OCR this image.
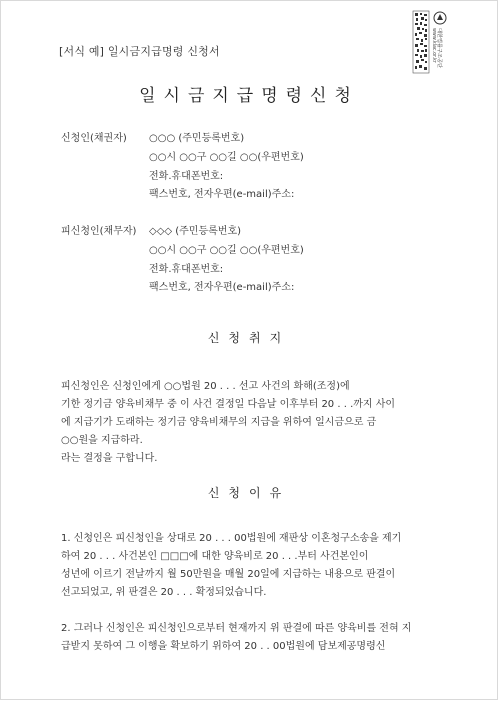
[서식 예] 일시금지급명령 신청서	대한법률구조공단
www.klac.or.kr
일시금지급명령신청
신청인(채권자) ○○○ (주민등록번호)
○○시 ○○구 ○○길 ○○(우편번호)
전화.휴대폰번호:
팩스번호, 전자우편(e-mail)주소:
피신청인(채무자) ◇◇◇ (주민등록번호)
○○시 ○○구 ○○길 ○○(우편번호)
전화.휴대폰번호:
팩스번호, 전자우편(e-mail)주소:
신청취지
피신청인은 신청인에게 ○○법원 20 . . . 선고 사건의 화해(조정)에
기한 정기금 양육비채무 중 이 사건 결정일 다음날 이후부터 20 . . .까지 사이
에 지급기가 도래하는 정기금 양육비채무의 지급을 위하여 일시금으로 금
○○원을 지급하라.
라는 결정을 구합니다.
신청이유
1. 신청인은 피신청인을 상대로 20 . . . 00법원에 재판상 이혼청구소송을 제기
하여 20 . . . 사건본인 □□□에 대한 양육비로 20 . . .부터 사건본인이
성년에 이르기 전날까지 월 50만원을 매월 20일에 지급하는 내용으로 판결이
선고되었고, 위 판결은 20 . . . 확정되었습니다.
2. 그러나 신청인은 피신청인으로부터 현재까지 위 판결에 따른 양육비를 전혀 지
급받지 못하여 그 이행을 확보하기 위하여 20 . . 00법원에 담보제공명령신
